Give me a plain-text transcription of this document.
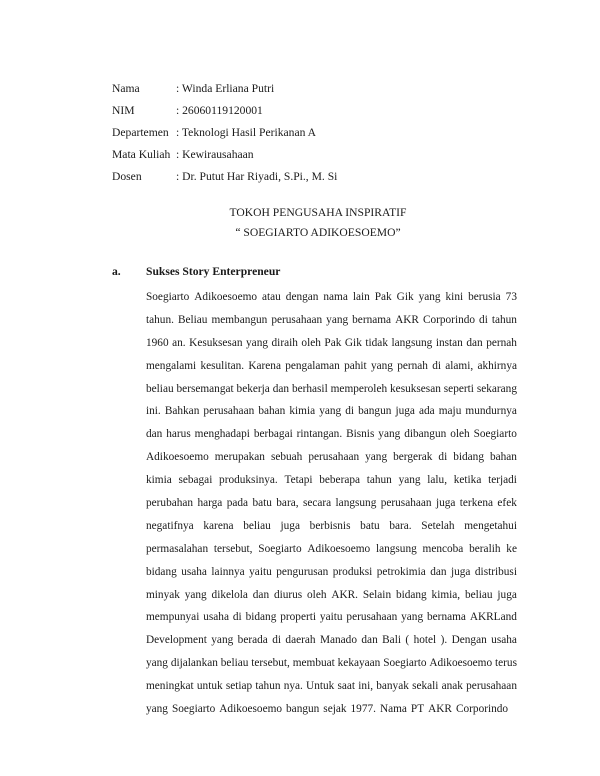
Nama	: Winda Erliana Putri
NIM	: 26060119120001
Departemen : Teknologi Hasil Perikanan A
Mata Kuliah : Kewirausahaan
Dosen	: Dr. Putut Har Riyadi, S.Pi., M. Si
TOKOH PENGUSAHA INSPIRATIF
“ SOEGIARTO ADIKOESOEMO”
a. Sukses Story Enterpreneur
Soegiarto Adikoesoemo atau dengan nama lain Pak Gik yang kini berusia 73
tahun. Beliau membangun perusahaan yang bernama AKR Corporindo di tahun
1960 an. Kesuksesan yang diraih oleh Pak Gik tidak langsung instan dan pernah
mengalami kesulitan. Karena pengalaman pahit yang pernah di alami, akhirnya
beliau bersemangat bekerja dan berhasil memperoleh kesuksesan seperti sekarang
ini. Bahkan perusahaan bahan kimia yang di bangun juga ada maju mundurnya
dan harus menghadapi berbagai rintangan. Bisnis yang dibangun oleh Soegiarto
Adikoesoemo merupakan sebuah perusahaan yang bergerak di bidang bahan
kimia sebagai produksinya. Tetapi beberapa tahun yang lalu, ketika terjadi
perubahan harga pada batu bara, secara langsung perusahaan juga terkena efek
negatifnya karena beliau juga berbisnis batu bara. Setelah mengetahui
permasalahan tersebut, Soegiarto Adikoesoemo langsung mencoba beralih ke
bidang usaha lainnya yaitu pengurusan produksi petrokimia dan juga distribusi
minyak yang dikelola dan diurus oleh AKR. Selain bidang kimia, beliau juga
mempunyai usaha di bidang properti yaitu perusahaan yang bernama AKRLand
Development yang berada di daerah Manado dan Bali ( hotel ). Dengan usaha
yang dijalankan beliau tersebut, membuat kekayaan Soegiarto Adikoesoemo terus
meningkat untuk setiap tahun nya. Untuk saat ini, banyak sekali anak perusahaan
yang Soegiarto Adikoesoemo bangun sejak 1977. Nama PT AKR Corporindo
